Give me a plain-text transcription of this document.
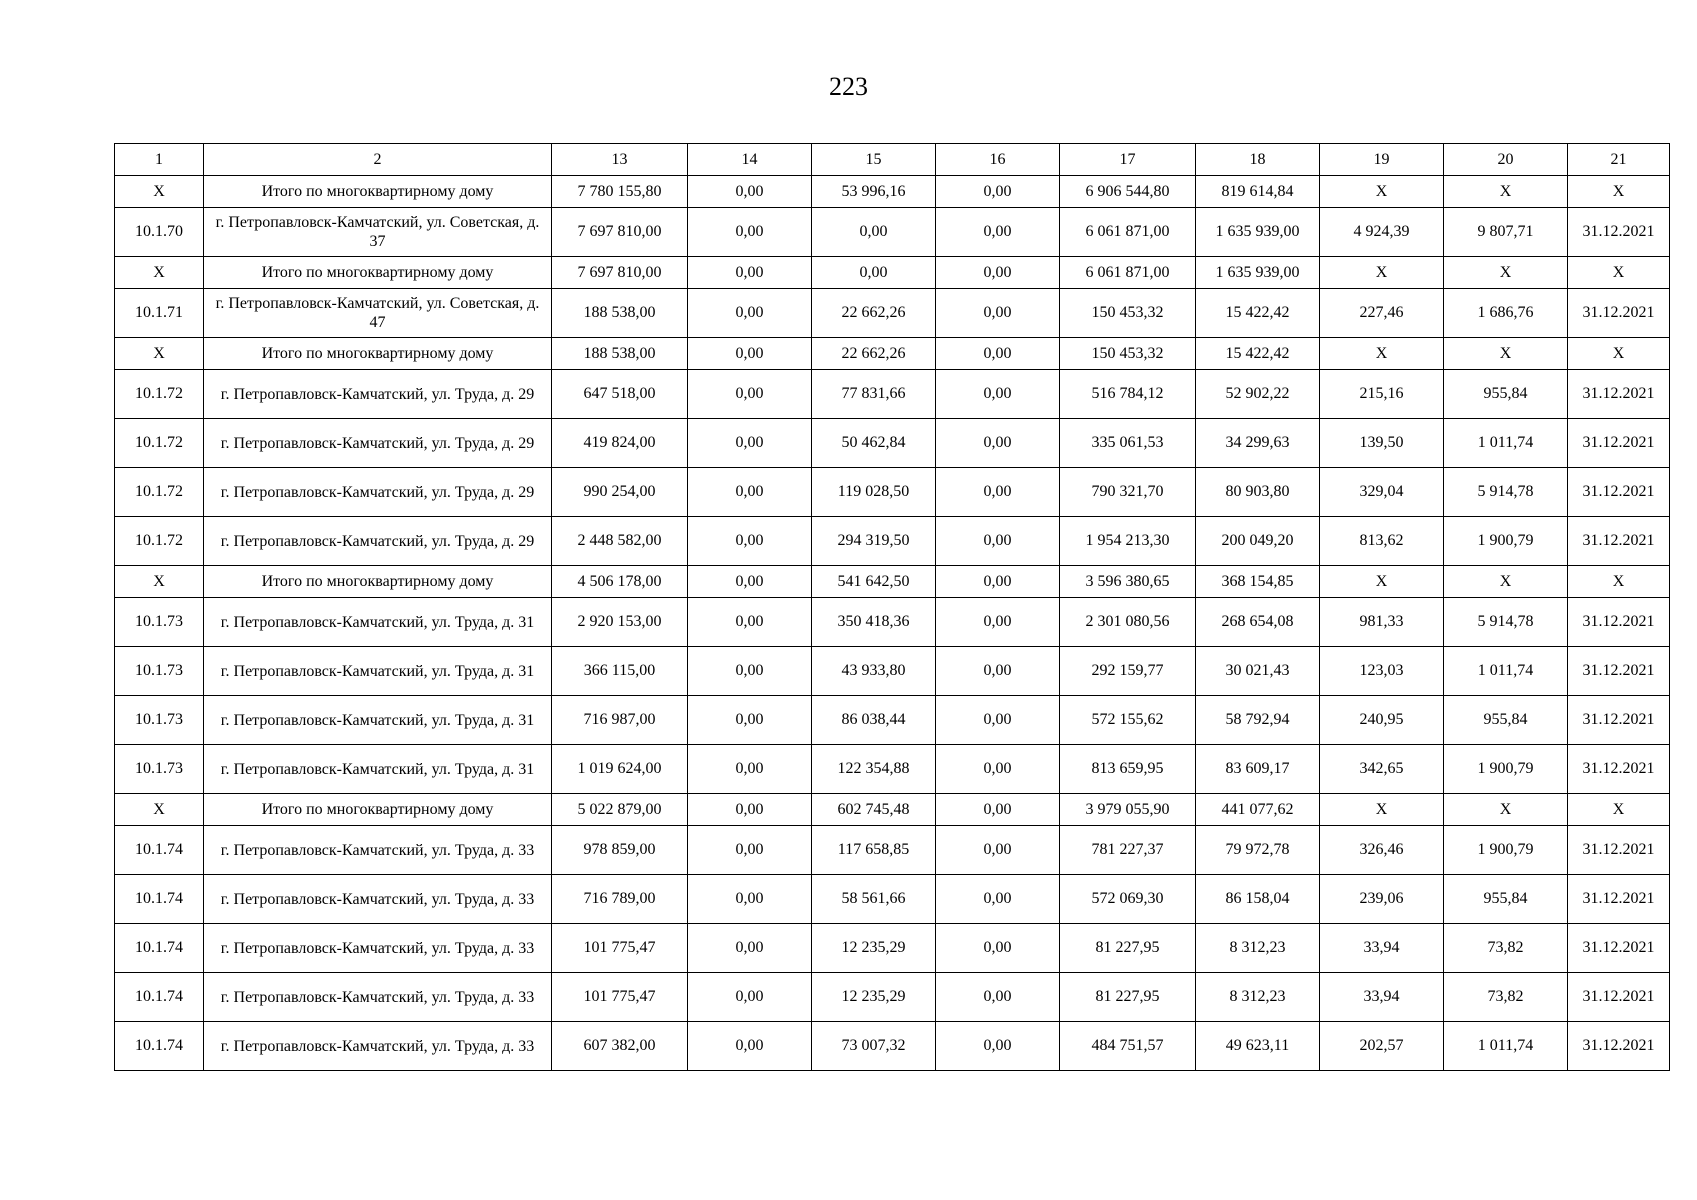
223
1	2	13	14	15	16	17	18	19	20	21
X	Итого по многоквартирному дому	7 780 155,80	0,00	53 996,16	0,00	6 906 544,80	819 614,84	X	X	X
10.1.70	г. Петропавловск-Камчатский, ул. Советская, д. 37	7 697 810,00	0,00	0,00	0,00	6 061 871,00	1 635 939,00	4 924,39	9 807,71	31.12.2021
X	Итого по многоквартирному дому	7 697 810,00	0,00	0,00	0,00	6 061 871,00	1 635 939,00	X	X	X
10.1.71	г. Петропавловск-Камчатский, ул. Советская, д. 47	188 538,00	0,00	22 662,26	0,00	150 453,32	15 422,42	227,46	1 686,76	31.12.2021
X	Итого по многоквартирному дому	188 538,00	0,00	22 662,26	0,00	150 453,32	15 422,42	X	X	X
10.1.72	г. Петропавловск-Камчатский, ул. Труда, д. 29	647 518,00	0,00	77 831,66	0,00	516 784,12	52 902,22	215,16	955,84	31.12.2021
10.1.72	г. Петропавловск-Камчатский, ул. Труда, д. 29	419 824,00	0,00	50 462,84	0,00	335 061,53	34 299,63	139,50	1 011,74	31.12.2021
10.1.72	г. Петропавловск-Камчатский, ул. Труда, д. 29	990 254,00	0,00	119 028,50	0,00	790 321,70	80 903,80	329,04	5 914,78	31.12.2021
10.1.72	г. Петропавловск-Камчатский, ул. Труда, д. 29	2 448 582,00	0,00	294 319,50	0,00	1 954 213,30	200 049,20	813,62	1 900,79	31.12.2021
X	Итого по многоквартирному дому	4 506 178,00	0,00	541 642,50	0,00	3 596 380,65	368 154,85	X	X	X
10.1.73	г. Петропавловск-Камчатский, ул. Труда, д. 31	2 920 153,00	0,00	350 418,36	0,00	2 301 080,56	268 654,08	981,33	5 914,78	31.12.2021
10.1.73	г. Петропавловск-Камчатский, ул. Труда, д. 31	366 115,00	0,00	43 933,80	0,00	292 159,77	30 021,43	123,03	1 011,74	31.12.2021
10.1.73	г. Петропавловск-Камчатский, ул. Труда, д. 31	716 987,00	0,00	86 038,44	0,00	572 155,62	58 792,94	240,95	955,84	31.12.2021
10.1.73	г. Петропавловск-Камчатский, ул. Труда, д. 31	1 019 624,00	0,00	122 354,88	0,00	813 659,95	83 609,17	342,65	1 900,79	31.12.2021
X	Итого по многоквартирному дому	5 022 879,00	0,00	602 745,48	0,00	3 979 055,90	441 077,62	X	X	X
10.1.74	г. Петропавловск-Камчатский, ул. Труда, д. 33	978 859,00	0,00	117 658,85	0,00	781 227,37	79 972,78	326,46	1 900,79	31.12.2021
10.1.74	г. Петропавловск-Камчатский, ул. Труда, д. 33	716 789,00	0,00	58 561,66	0,00	572 069,30	86 158,04	239,06	955,84	31.12.2021
10.1.74	г. Петропавловск-Камчатский, ул. Труда, д. 33	101 775,47	0,00	12 235,29	0,00	81 227,95	8 312,23	33,94	73,82	31.12.2021
10.1.74	г. Петропавловск-Камчатский, ул. Труда, д. 33	101 775,47	0,00	12 235,29	0,00	81 227,95	8 312,23	33,94	73,82	31.12.2021
10.1.74	г. Петропавловск-Камчатский, ул. Труда, д. 33	607 382,00	0,00	73 007,32	0,00	484 751,57	49 623,11	202,57	1 011,74	31.12.2021
